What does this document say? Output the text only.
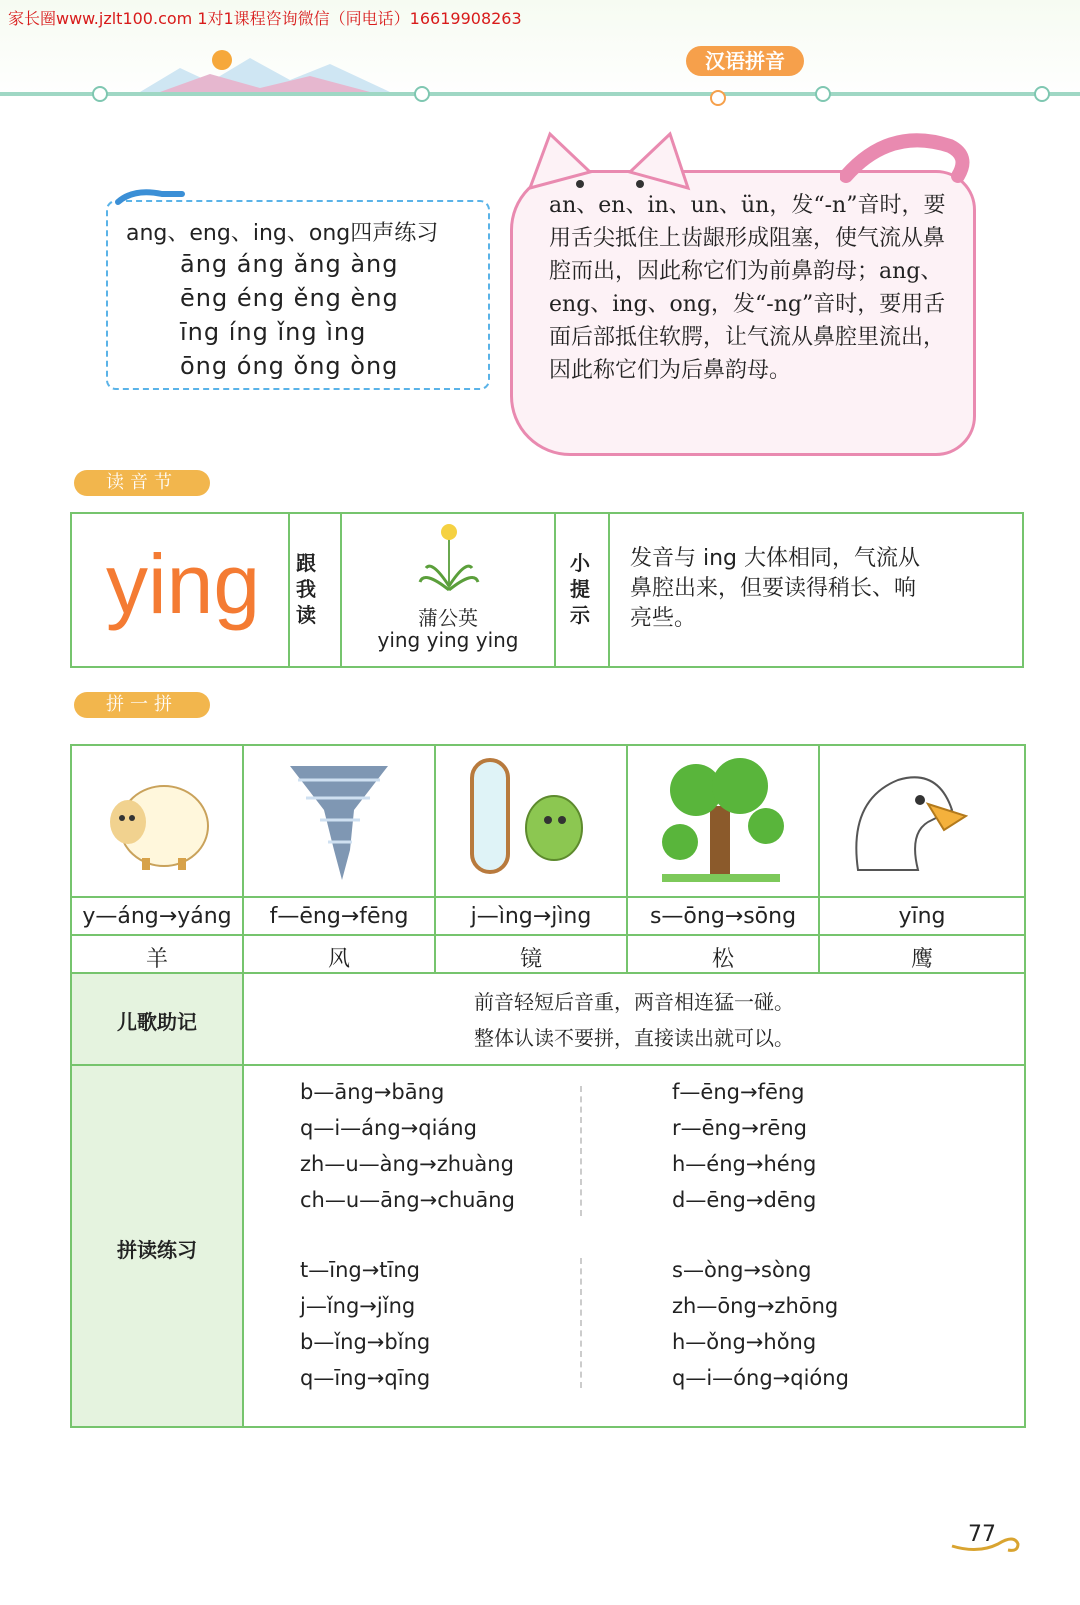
家长圈www.jzlt100.com 1对1课程咨询微信（同电话）16619908263
汉语拼音
ang、eng、ing、ong四声练习
āng áng ǎng àng
ēng éng ěng èng
īng íng ǐng ìng
ōng óng ǒng òng
an、en、in、un、ün，发“-n”音时，要用舌尖抵住上齿龈形成阻塞，使气流从鼻腔而出，因此称它们为前鼻韵母；ang、eng、ing、ong，发“-ng”音时，要用舌面后部抵住软腭，让气流从鼻腔里流出，因此称它们为后鼻韵母。
读音节
ying 跟我读	蒲公英
ying ying ying
小提示
发音与 ing 大体相同，气流从鼻腔出来，但要读得稍长、响亮些。
拼一拼
y—áng→yáng	f—ēng→fēng	j—ìng→jìng	s—ōng→sōng	yīng
羊	风	镜	松	鹰
儿歌助记
前音轻短后音重，两音相连猛一碰。
整体认读不要拼，直接读出就可以。
拼读练习
b—āng→bāng
q—i—áng→qiáng
zh—u—àng→zhuàng
ch—u—āng→chuāng
f—ēng→fēng
r—ēng→rēng
h—éng→héng
d—ēng→dēng
t—īng→tīng
j—ǐng→jǐng
b—ǐng→bǐng
q—īng→qīng
s—òng→sòng
zh—ōng→zhōng
h—ǒng→hǒng
q—i—óng→qióng
77
